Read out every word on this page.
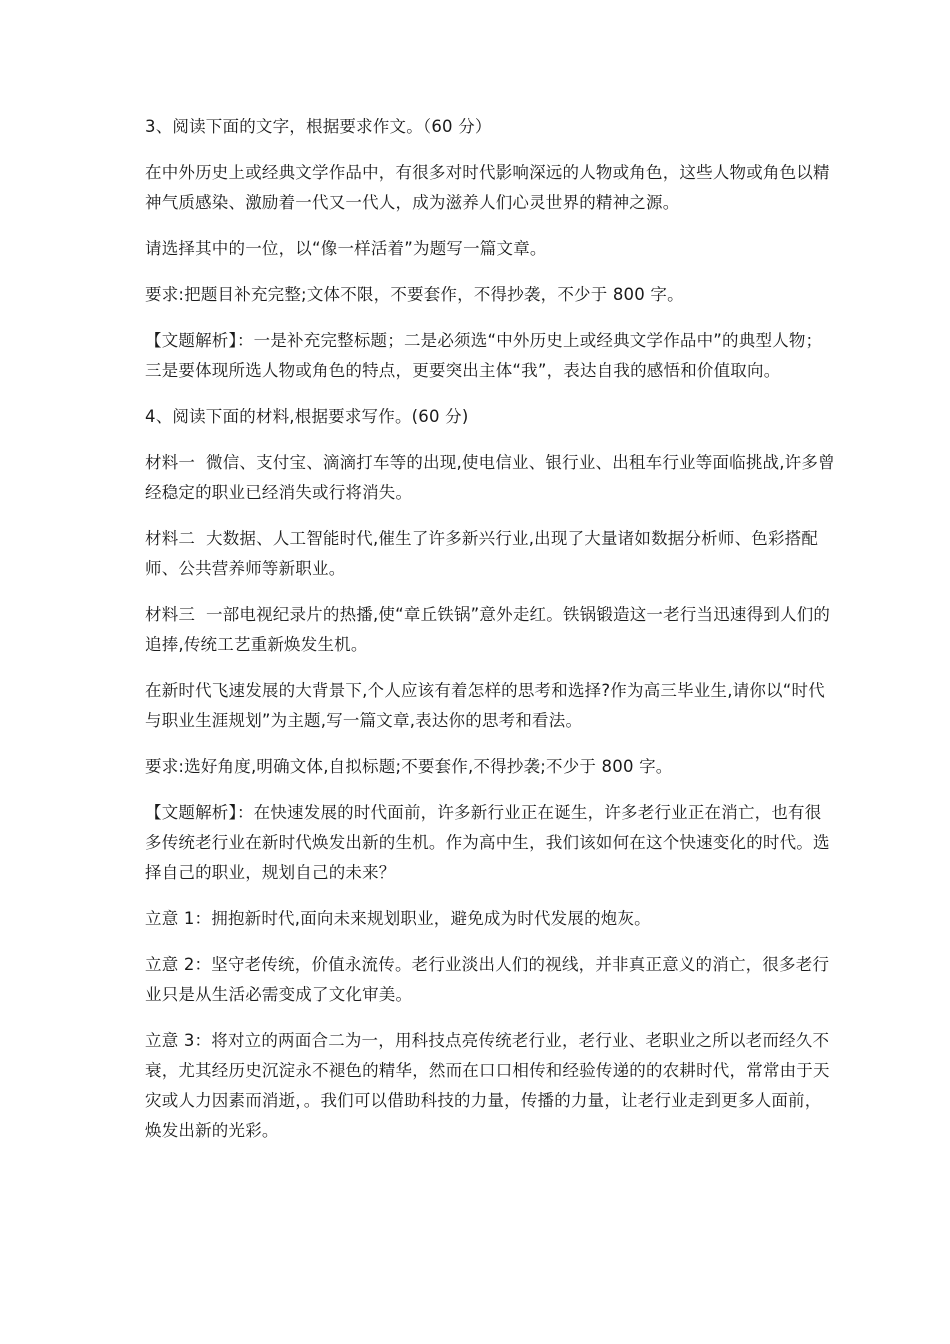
3、阅读下面的文字，根据要求作文。（60 分）

在中外历史上或经典文学作品中，有很多对时代影响深远的人物或角色，这些人物或角色以精神气质感染、激励着一代又一代人，成为滋养人们心灵世界的精神之源。

请选择其中的一位，以“像一样活着”为题写一篇文章。

要求:把题目补充完整;文体不限，不要套作，不得抄袭，不少于 800 字。

【文题解析】：一是补充完整标题；二是必须选“中外历史上或经典文学作品中”的典型人物；三是要体现所选人物或角色的特点，更要突出主体“我”，表达自我的感悟和价值取向。

4、阅读下面的材料,根据要求写作。(60 分)

材料一  微信、支付宝、滴滴打车等的出现,使电信业、银行业、出租车行业等面临挑战,许多曾经稳定的职业已经消失或行将消失。

材料二  大数据、人工智能时代,催生了许多新兴行业,出现了大量诸如数据分析师、色彩搭配师、公共营养师等新职业。

材料三  一部电视纪录片的热播,使“章丘铁锅”意外走红。铁锅锻造这一老行当迅速得到人们的追捧,传统工艺重新焕发生机。

在新时代飞速发展的大背景下,个人应该有着怎样的思考和选择?作为高三毕业生,请你以“时代与职业生涯规划”为主题,写一篇文章,表达你的思考和看法。

要求:选好角度,明确文体,自拟标题;不要套作,不得抄袭;不少于 800 字。

【文题解析】：在快速发展的时代面前，许多新行业正在诞生，许多老行业正在消亡，也有很多传统老行业在新时代焕发出新的生机。作为高中生，我们该如何在这个快速变化的时代。选择自己的职业，规划自己的未来？

立意 1：拥抱新时代,面向未来规划职业，避免成为时代发展的炮灰。

立意 2：坚守老传统，价值永流传。老行业淡出人们的视线，并非真正意义的消亡，很多老行业只是从生活必需变成了文化审美。

立意 3：将对立的两面合二为一，用科技点亮传统老行业，老行业、老职业之所以老而经久不衰，尤其经历史沉淀永不褪色的精华，然而在口口相传和经验传递的的农耕时代，常常由于天灾或人力因素而消逝，。我们可以借助科技的力量，传播的力量，让老行业走到更多人面前，焕发出新的光彩。
